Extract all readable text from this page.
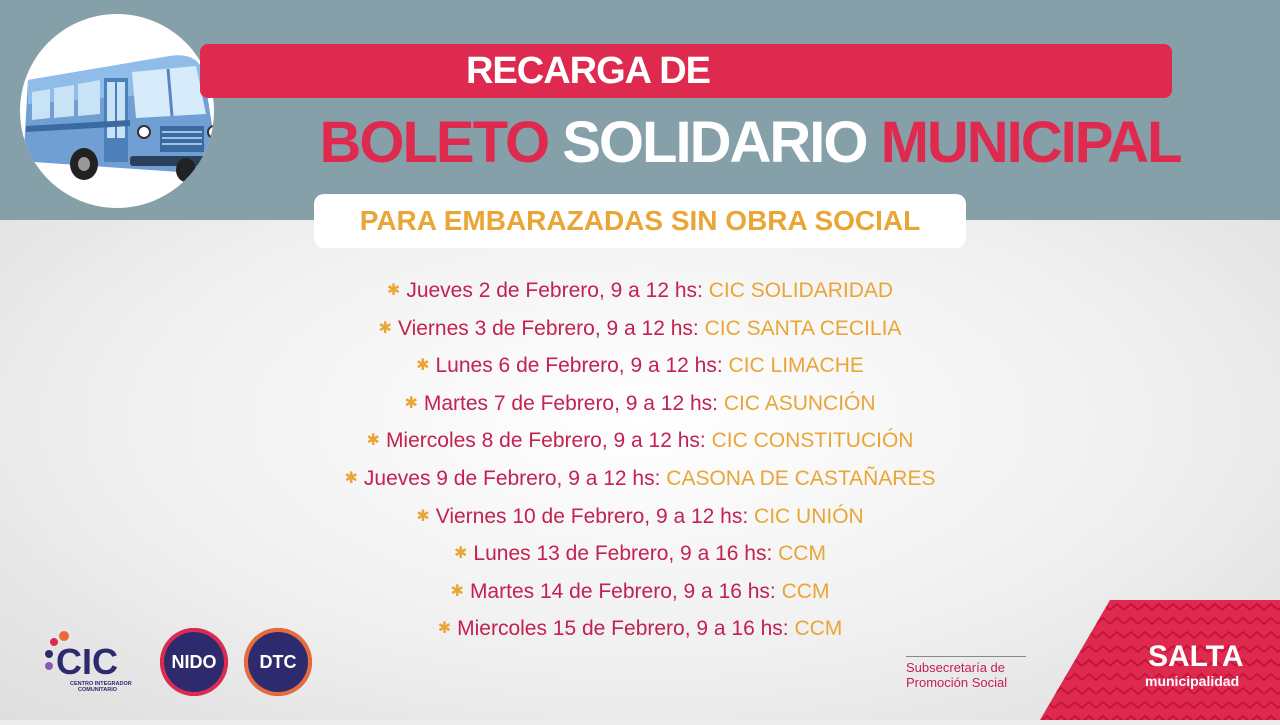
RECARGA DE
BOLETO SOLIDARIO MUNICIPAL
PARA EMBARAZADAS SIN OBRA SOCIAL
✱ Jueves 2 de Febrero, 9 a 12 hs: CIC SOLIDARIDAD
✱ Viernes 3 de Febrero, 9 a 12 hs: CIC SANTA CECILIA
✱ Lunes 6 de Febrero, 9 a 12 hs: CIC LIMACHE
✱ Martes 7 de Febrero, 9 a 12 hs: CIC ASUNCIÓN
✱ Miercoles 8 de Febrero, 9 a 12 hs: CIC CONSTITUCIÓN
✱ Jueves 9 de Febrero, 9 a 12 hs: CASONA DE CASTAÑARES
✱ Viernes 10 de Febrero, 9 a 12 hs: CIC UNIÓN
✱ Lunes 13 de Febrero, 9 a 16 hs: CCM
✱ Martes 14 de Febrero, 9 a 16 hs: CCM
✱ Miercoles 15 de Febrero, 9 a 16 hs: CCM
CIC
CENTRO INTEGRADOR
COMUNITARIO
NIDO	DTC	Subsecretaría de
Promoción Social
SALTA
municipalidad
